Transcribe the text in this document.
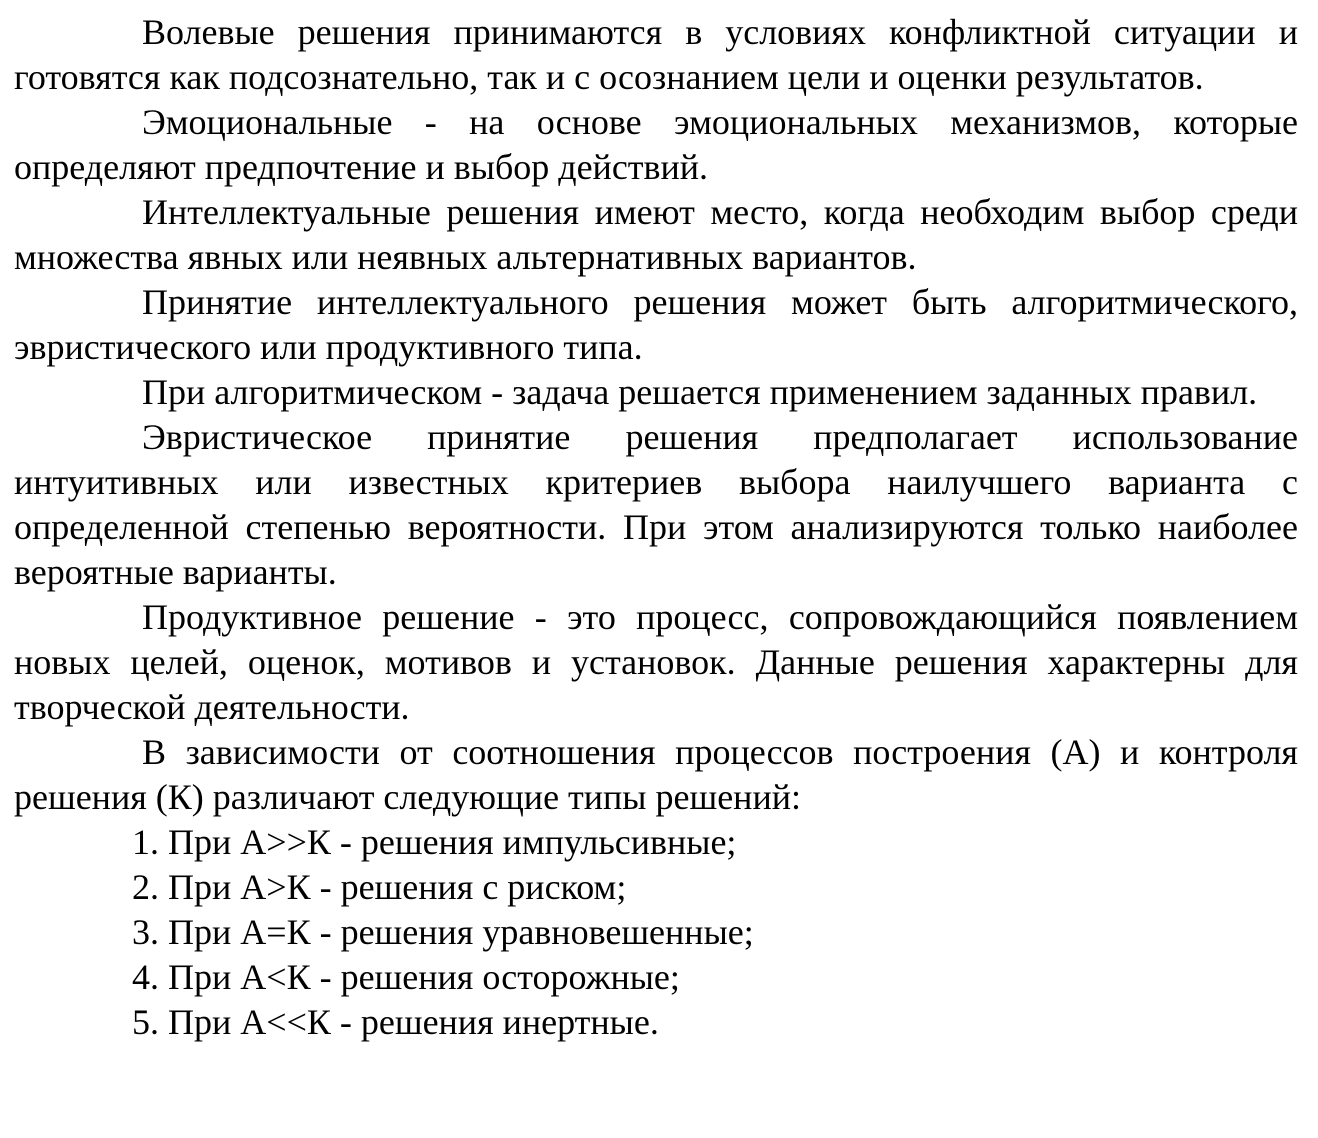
Волевые решения принимаются в условиях конфликтной ситуации и готовятся как подсознательно, так и с осознанием цели и оценки результатов.

Эмоциональные - на основе эмоциональных механизмов, которые определяют предпочтение и выбор действий.

Интеллектуальные решения имеют место, когда необходим выбор среди множества явных или неявных альтернативных вариантов.

Принятие интеллектуального решения может быть алгоритмического, эвристического или продуктивного типа.

При алгоритмическом - задача решается применением заданных правил.

Эвристическое принятие решения предполагает использование интуитивных или известных критериев выбора наилучшего варианта с определенной степенью вероятности. При этом анализируются только наиболее вероятные варианты.

Продуктивное решение - это процесс, сопровождающийся появлением новых целей, оценок, мотивов и установок. Данные решения характерны для творческой деятельности.

В зависимости от соотношения процессов построения (А) и контроля решения (К) различают следующие типы решений:

1. При А>>К - решения импульсивные;
2. При А>К - решения с риском;
3. При А=К - решения уравновешенные;
4. При А<К - решения осторожные;
5. При А<<К - решения инертные.
